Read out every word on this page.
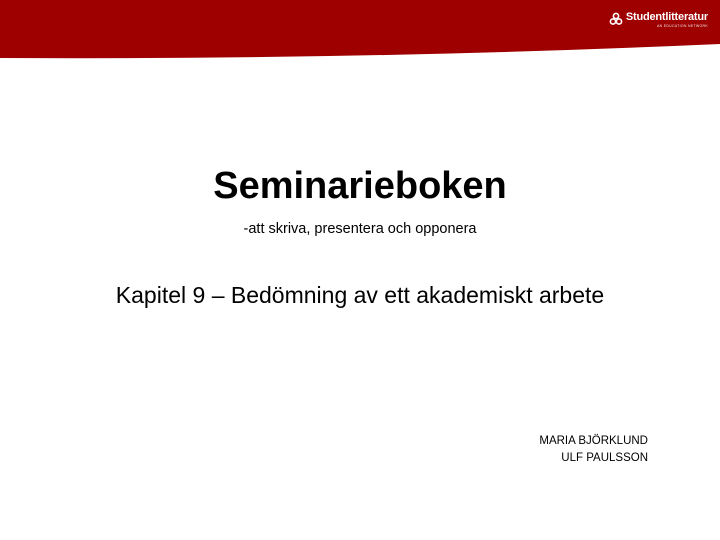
Studentlitteratur
AN EDUCATION NETWORK
Seminarieboken
-att skriva, presentera och opponera
Kapitel 9 – Bedömning av ett akademiskt arbete
MARIA BJÖRKLUND
ULF PAULSSON
